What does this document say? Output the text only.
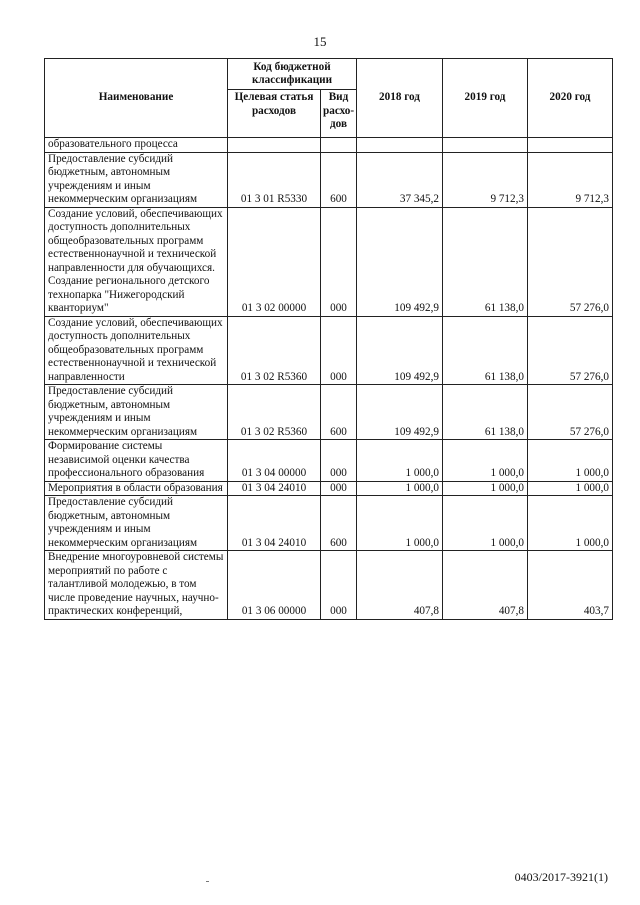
15
Наименование	Код бюджетной классификации		2018 год	2019 год	2020 год
	Целевая статья расходов	Вид расхо-дов			
образовательного процесса					
Предоставление субсидий бюджетным, автономным учреждениям и иным некоммерческим организациям	01 3 01 R5330	600	37 345,2	9 712,3	9 712,3
Создание условий, обеспечивающих доступность дополнительных общеобразовательных программ естественнонаучной и технической направленности для обучающихся. Создание регионального детского технопарка "Нижегородский кванториум"	01 3 02 00000	000	109 492,9	61 138,0	57 276,0
Создание условий, обеспечивающих доступность дополнительных общеобразовательных программ естественнонаучной и технической направленности	01 3 02 R5360	000	109 492,9	61 138,0	57 276,0
Предоставление субсидий бюджетным, автономным учреждениям и иным некоммерческим организациям	01 3 02 R5360	600	109 492,9	61 138,0	57 276,0
Формирование системы независимой оценки качества профессионального образования	01 3 04 00000	000	1 000,0	1 000,0	1 000,0
Мероприятия в области образования	01 3 04 24010	000	1 000,0	1 000,0	1 000,0
Предоставление субсидий бюджетным, автономным учреждениям и иным некоммерческим организациям	01 3 04 24010	600	1 000,0	1 000,0	1 000,0
Внедрение многоуровневой системы мероприятий по работе с талантливой молодежью, в том числе проведение научных, научно-практических конференций,	01 3 06 00000	000	407,8	407,8	403,7
0403/2017-3921(1)
